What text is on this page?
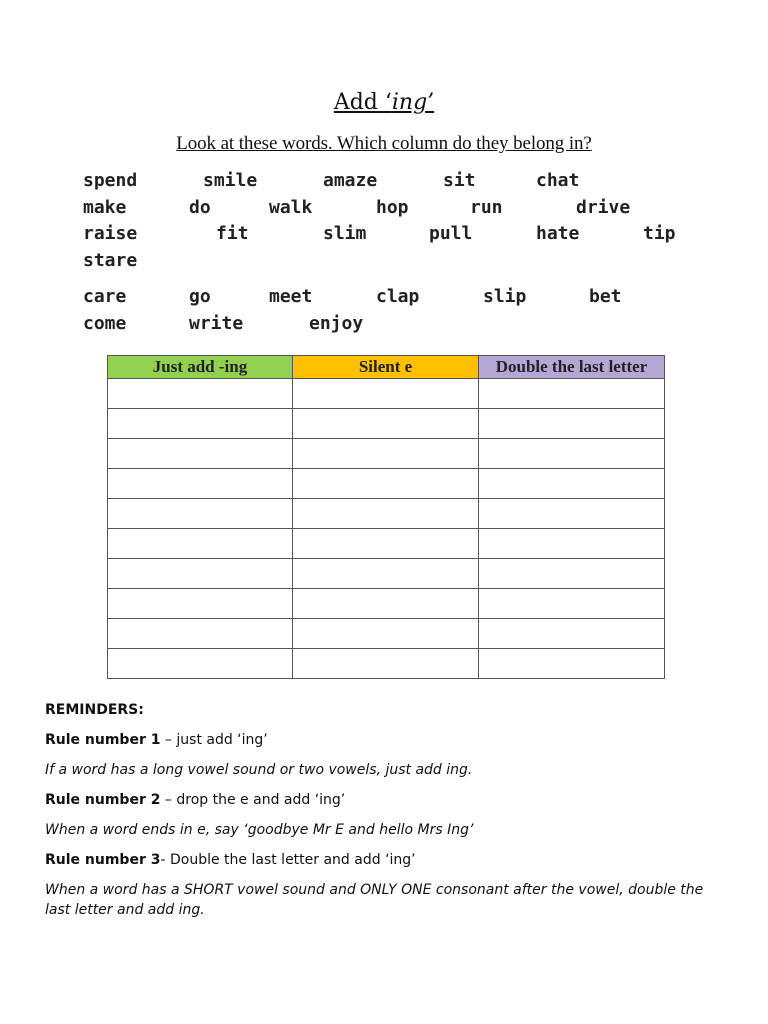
Add ‘ing’
Look at these words. Which column do they belong in?
spend	smile	amaze	sit	chat
make	do	walk	hop	run	drive
raise	fit	slim	pull	hate	tip
stare
care	go	meet	clap	slip	bet
come	write	enjoy
Just add -ing	Silent e	Double the last letter

REMINDERS:
Rule number 1 – just add ‘ing’
If a word has a long vowel sound or two vowels, just add ing.
Rule number 2 – drop the e and add ‘ing’
When a word ends in e, say ‘goodbye Mr E and hello Mrs Ing’
Rule number 3- Double the last letter and add ‘ing’
When a word has a SHORT vowel sound and ONLY ONE consonant after the vowel, double the last letter and add ing.
